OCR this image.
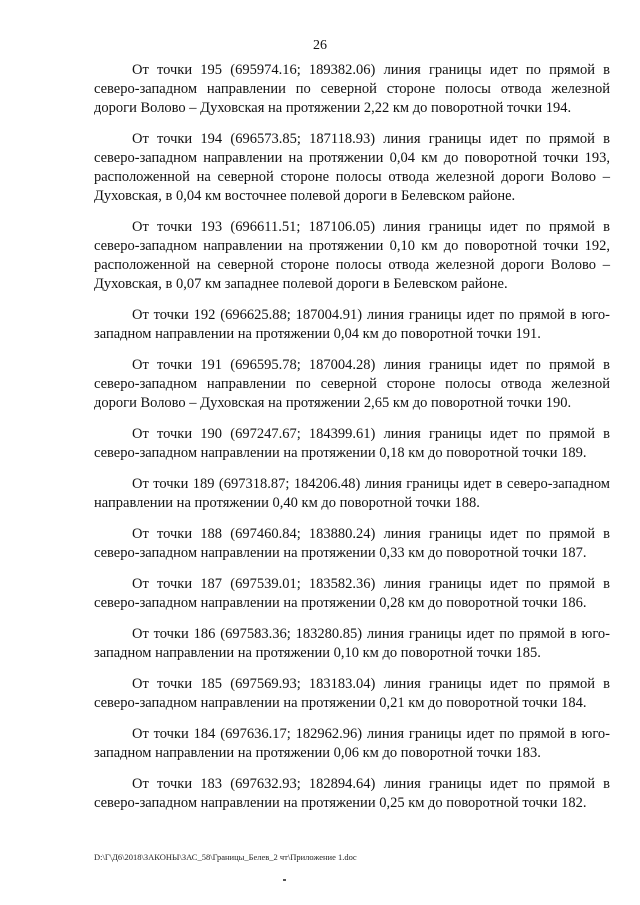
26

От точки 195 (695974.16; 189382.06) линия границы идет по прямой в северо-западном направлении по северной стороне полосы отвода железной дороги Волово – Духовская на протяжении 2,22 км до поворотной точки 194.

От точки 194 (696573.85; 187118.93) линия границы идет по прямой в северо-западном направлении на протяжении 0,04 км до поворотной точки 193, расположенной на северной стороне полосы отвода железной дороги Волово – Духовская, в 0,04 км восточнее полевой дороги в Белевском районе.

От точки 193 (696611.51; 187106.05) линия границы идет по прямой в северо-западном направлении на протяжении 0,10 км до поворотной точки 192, расположенной на северной стороне полосы отвода железной дороги Волово – Духовская, в 0,07 км западнее полевой дороги в Белевском районе.

От точки 192 (696625.88; 187004.91) линия границы идет по прямой в юго-западном направлении на протяжении 0,04 км до поворотной точки 191.

От точки 191 (696595.78; 187004.28) линия границы идет по прямой в северо-западном направлении по северной стороне полосы отвода железной дороги Волово – Духовская на протяжении 2,65 км до поворотной точки 190.

От точки 190 (697247.67; 184399.61) линия границы идет по прямой в северо-западном направлении на протяжении 0,18 км до поворотной точки 189.

От точки 189 (697318.87; 184206.48) линия границы идет в северо-западном направлении на протяжении 0,40 км до поворотной точки 188.

От точки 188 (697460.84; 183880.24) линия границы идет по прямой в северо-западном направлении на протяжении 0,33 км до поворотной точки 187.

От точки 187 (697539.01; 183582.36) линия границы идет по прямой в северо-западном направлении на протяжении 0,28 км до поворотной точки 186.

От точки 186 (697583.36; 183280.85) линия границы идет по прямой в юго-западном направлении на протяжении 0,10 км до поворотной точки 185.

От точки 185 (697569.93; 183183.04) линия границы идет по прямой в северо-западном направлении на протяжении 0,21 км до поворотной точки 184.

От точки 184 (697636.17; 182962.96) линия границы идет по прямой в юго-западном направлении на протяжении 0,06 км до поворотной точки 183.

От точки 183 (697632.93; 182894.64) линия границы идет по прямой в северо-западном направлении на протяжении 0,25 км до поворотной точки 182.

D:\Г\Д6\2018\ЗАКОНЫ\ЗАС_58\Границы_Белев_2 чт\Приложение 1.doc
